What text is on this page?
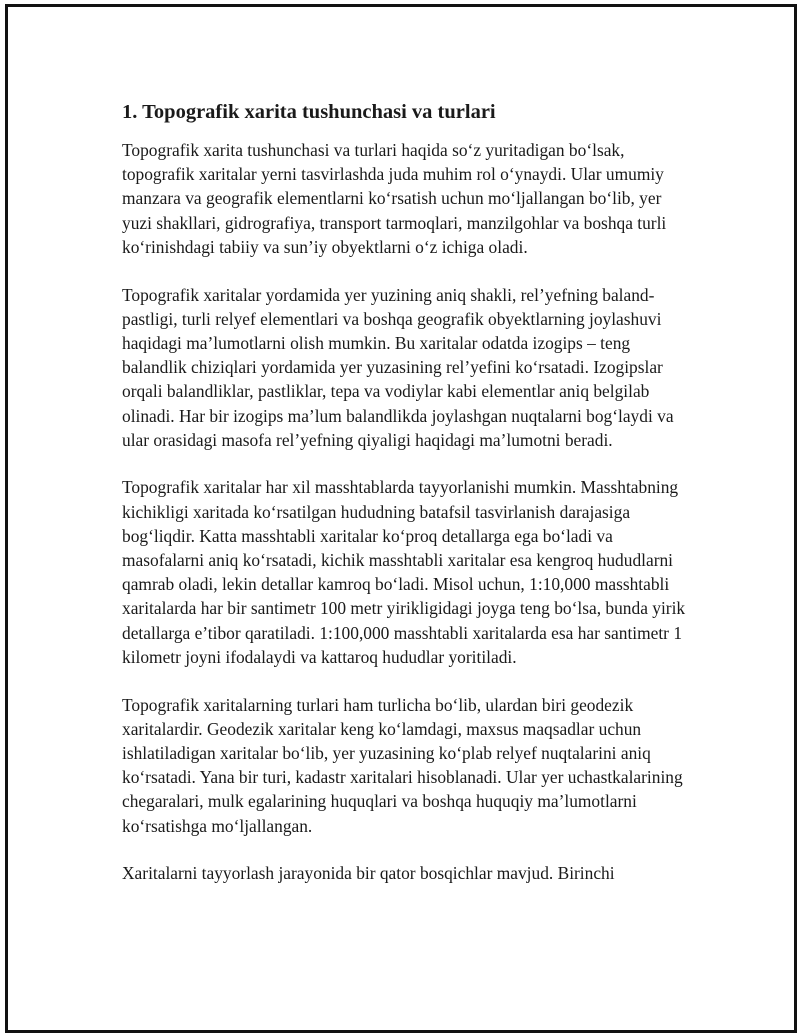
1. Topografik xarita tushunchasi va turlari

Topografik xarita tushunchasi va turlari haqida so‘z yuritadigan bo‘lsak, topografik xaritalar yerni tasvirlashda juda muhim rol o‘ynaydi. Ular umumiy manzara va geografik elementlarni ko‘rsatish uchun mo‘ljallangan bo‘lib, yer yuzi shakllari, gidrografiya, transport tarmoqlari, manzilgohlar va boshqa turli ko‘rinishdagi tabiiy va sun’iy obyektlarni o‘z ichiga oladi.

Topografik xaritalar yordamida yer yuzining aniq shakli, rel’yefning baland-pastligi, turli relyef elementlari va boshqa geografik obyektlarning joylashuvi haqidagi ma’lumotlarni olish mumkin. Bu xaritalar odatda izogips – teng balandlik chiziqlari yordamida yer yuzasining rel’yefini ko‘rsatadi. Izogipslar orqali balandliklar, pastliklar, tepa va vodiylar kabi elementlar aniq belgilab olinadi. Har bir izogips ma’lum balandlikda joylashgan nuqtalarni bog‘laydi va ular orasidagi masofa rel’yefning qiyaligi haqidagi ma’lumotni beradi.

Topografik xaritalar har xil masshtablarda tayyorlanishi mumkin. Masshtabning kichikligi xaritada ko‘rsatilgan hududning batafsil tasvirlanish darajasiga bog‘liqdir. Katta masshtabli xaritalar ko‘proq detallarga ega bo‘ladi va masofalarni aniq ko‘rsatadi, kichik masshtabli xaritalar esa kengroq hududlarni qamrab oladi, lekin detallar kamroq bo‘ladi. Misol uchun, 1:10,000 masshtabli xaritalarda har bir santimetr 100 metr yirikligidagi joyga teng bo‘lsa, bunda yirik detallarga e’tibor qaratiladi. 1:100,000 masshtabli xaritalarda esa har santimetr 1 kilometr joyni ifodalaydi va kattaroq hududlar yoritiladi.

Topografik xaritalarning turlari ham turlicha bo‘lib, ulardan biri geodezik xaritalardir. Geodezik xaritalar keng ko‘lamdagi, maxsus maqsadlar uchun ishlatiladigan xaritalar bo‘lib, yer yuzasining ko‘plab relyef nuqtalarini aniq ko‘rsatadi. Yana bir turi, kadastr xaritalari hisoblanadi. Ular yer uchastkalarining chegaralari, mulk egalarining huquqlari va boshqa huquqiy ma’lumotlarni ko‘rsatishga mo‘ljallangan.

Xaritalarni tayyorlash jarayonida bir qator bosqichlar mavjud. Birinchi
